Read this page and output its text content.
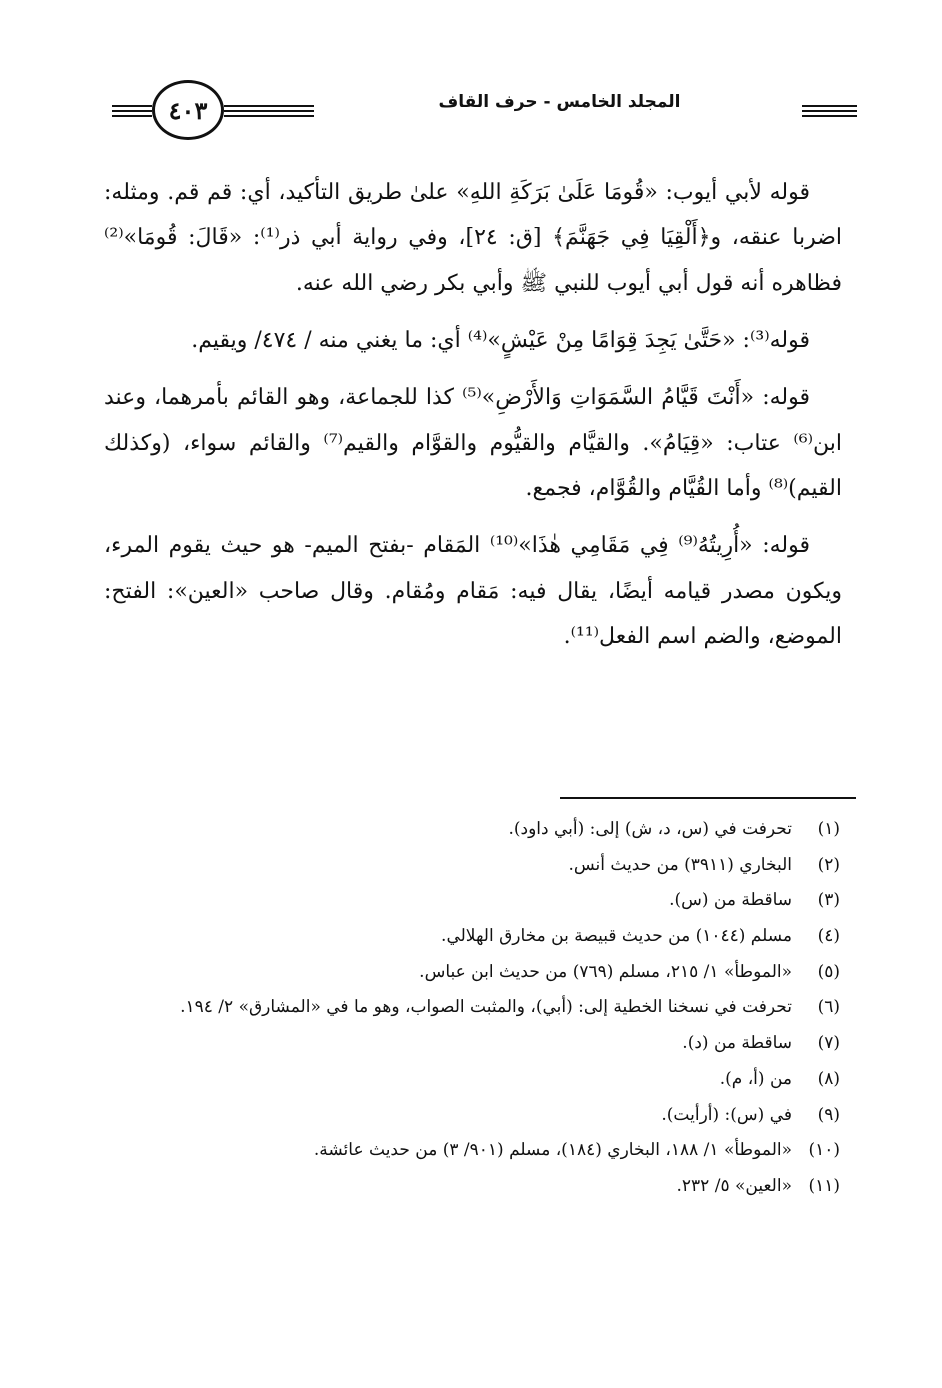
٤٠٣	المجلد الخامس - حرف القاف

قوله لأبي أيوب: «قُومَا عَلَىٰ بَرَكَةِ اللهِ» علىٰ طريق التأكيد، أي: قم قم. ومثله: اضربا عنقه، و﴿أَلْقِيَا فِي جَهَنَّمَ﴾ [ق: ٢٤]، وفي رواية أبي ذر⁽¹⁾: «قَالَ: قُومَا»⁽²⁾ فظاهره أنه قول أبي أيوب للنبي ﷺ وأبي بكر رضي الله عنه.

قوله⁽³⁾: «حَتَّىٰ يَجِدَ قِوَامًا مِنْ عَيْشٍ»⁽⁴⁾ أي: ما يغني منه / ٤٧٤/ ويقيم.

قوله: «أَنْتَ قَيَّامُ السَّمَوَاتِ وَالأَرْضِ»⁽⁵⁾ كذا للجماعة، وهو القائم بأمرهما، وعند ابن⁽⁶⁾ عتاب: «قِيَامُ». والقيَّام والقيُّوم والقوَّام والقيم⁽⁷⁾ والقائم سواء، (وكذلك القيم)⁽⁸⁾ وأما القُيَّام والقُوَّام، فجمع.

قوله: «أُرِيتُهُ⁽⁹⁾ فِي مَقَامِي هٰذَا»⁽¹⁰⁾ المَقام -بفتح الميم- هو حيث يقوم المرء، ويكون مصدر قيامه أيضًا، يقال فيه: مَقام ومُقام. وقال صاحب «العين»: الفتح: الموضع، والضم اسم الفعل⁽¹¹⁾.

(١)
تحرفت في (س، د، ش) إلى: (أبي داود).
(٢)
البخاري (٣٩١١) من حديث أنس.
(٣)
ساقطة من (س).
(٤)
مسلم (١٠٤٤) من حديث قبيصة بن مخارق الهلالي.
(٥)
«الموطأ» ١/ ٢١٥، مسلم (٧٦٩) من حديث ابن عباس.
(٦)
تحرفت في نسخنا الخطية إلى: (أبي)، والمثبت الصواب، وهو ما في «المشارق» ٢/ ١٩٤.
(٧)
ساقطة من (د).
(٨)
من (أ، م).
(٩)
في (س): (أرأيت).
(١٠)
«الموطأ» ١/ ١٨٨، البخاري (١٨٤)، مسلم (٩٠١/ ٣) من حديث عائشة.
(١١)
«العين» ٥/ ٢٣٢.
